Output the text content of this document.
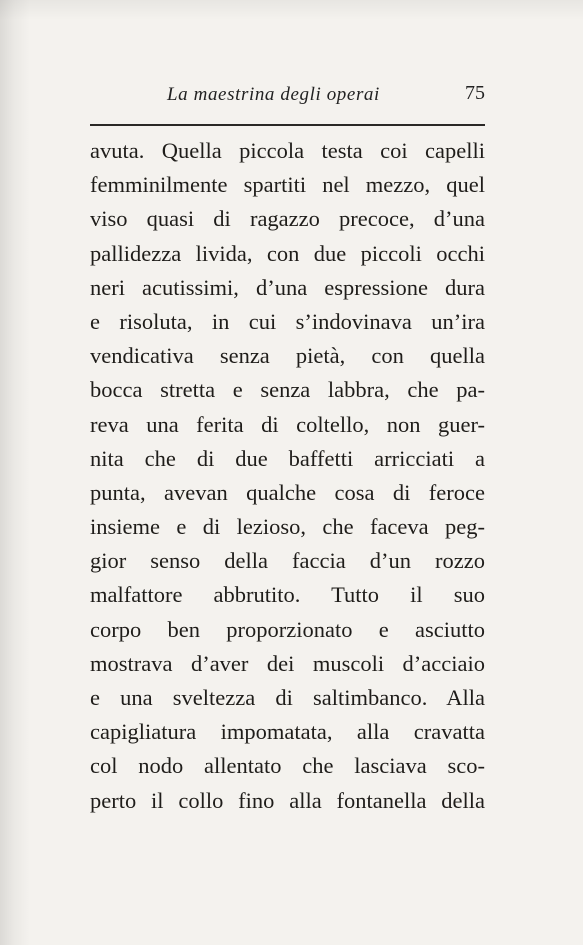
La maestrina degli operai	75
avuta. Quella piccola testa coi capelli
femminilmente spartiti nel mezzo, quel
viso quasi di ragazzo precoce, d’una
pallidezza livida, con due piccoli occhi
neri acutissimi, d’una espressione dura
e risoluta, in cui s’indovinava un’ira
vendicativa senza pietà, con quella
bocca stretta e senza labbra, che pa-
reva una ferita di coltello, non guer-
nita che di due baffetti arricciati a
punta, avevan qualche cosa di feroce
insieme e di lezioso, che faceva peg-
gior senso della faccia d’un rozzo
malfattore abbrutito. Tutto il suo
corpo ben proporzionato e asciutto
mostrava d’aver dei muscoli d’acciaio
e una sveltezza di saltimbanco. Alla
capigliatura impomatata, alla cravatta
col nodo allentato che lasciava sco-
perto il collo fino alla fontanella della
